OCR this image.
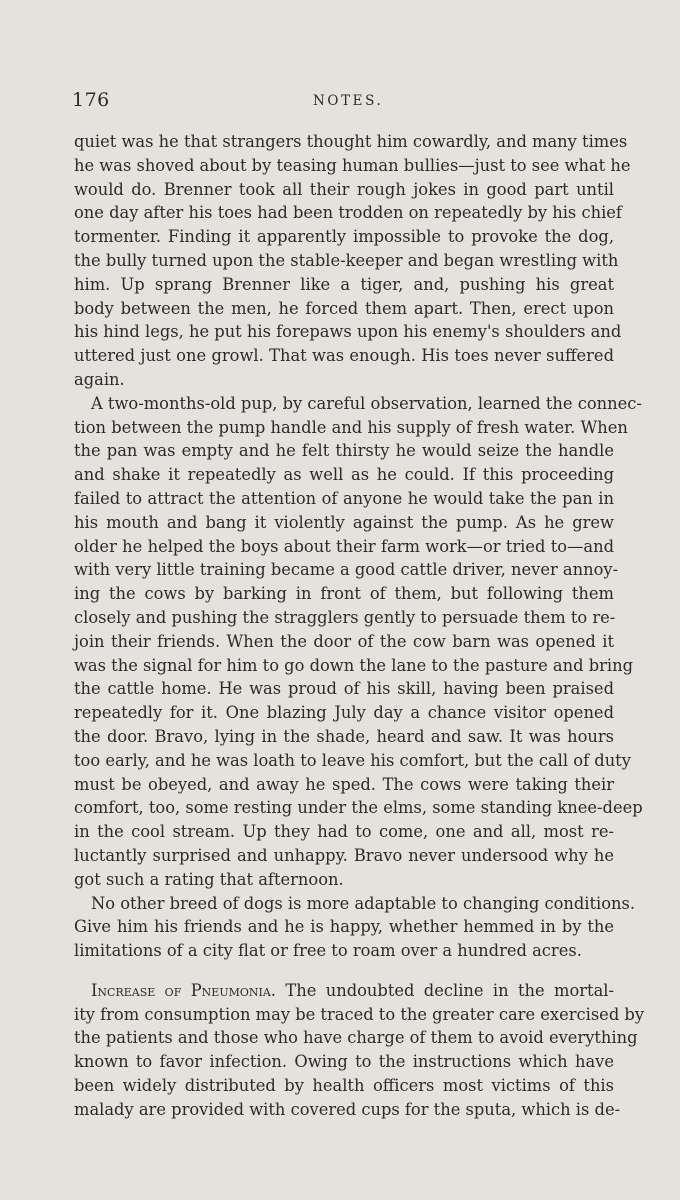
176	NOTES.
quiet was he that strangers thought him cowardly, and many times
he was shoved about by teasing human bullies—just to see what he
would do. Brenner took all their rough jokes in good part until
one day after his toes had been trodden on repeatedly by his chief
tormenter. Finding it apparently impossible to provoke the dog,
the bully turned upon the stable-keeper and began wrestling with
him. Up sprang Brenner like a tiger, and, pushing his great
body between the men, he forced them apart. Then, erect upon
his hind legs, he put his forepaws upon his enemy's shoulders and
uttered just one growl. That was enough. His toes never suffered
again.
A two-months-old pup, by careful observation, learned the connec-
tion between the pump handle and his supply of fresh water. When
the pan was empty and he felt thirsty he would seize the handle
and shake it repeatedly as well as he could. If this proceeding
failed to attract the attention of anyone he would take the pan in
his mouth and bang it violently against the pump. As he grew
older he helped the boys about their farm work—or tried to—and
with very little training became a good cattle driver, never annoy-
ing the cows by barking in front of them, but following them
closely and pushing the stragglers gently to persuade them to re-
join their friends. When the door of the cow barn was opened it
was the signal for him to go down the lane to the pasture and bring
the cattle home. He was proud of his skill, having been praised
repeatedly for it. One blazing July day a chance visitor opened
the door. Bravo, lying in the shade, heard and saw. It was hours
too early, and he was loath to leave his comfort, but the call of duty
must be obeyed, and away he sped. The cows were taking their
comfort, too, some resting under the elms, some standing knee-deep
in the cool stream. Up they had to come, one and all, most re-
luctantly surprised and unhappy. Bravo never undersood why he
got such a rating that afternoon.
No other breed of dogs is more adaptable to changing conditions.
Give him his friends and he is happy, whether hemmed in by the
limitations of a city flat or free to roam over a hundred acres.
Increase of Pneumonia. The undoubted decline in the mortal-
ity from consumption may be traced to the greater care exercised by
the patients and those who have charge of them to avoid everything
known to favor infection. Owing to the instructions which have
been widely distributed by health officers most victims of this
malady are provided with covered cups for the sputa, which is de-
